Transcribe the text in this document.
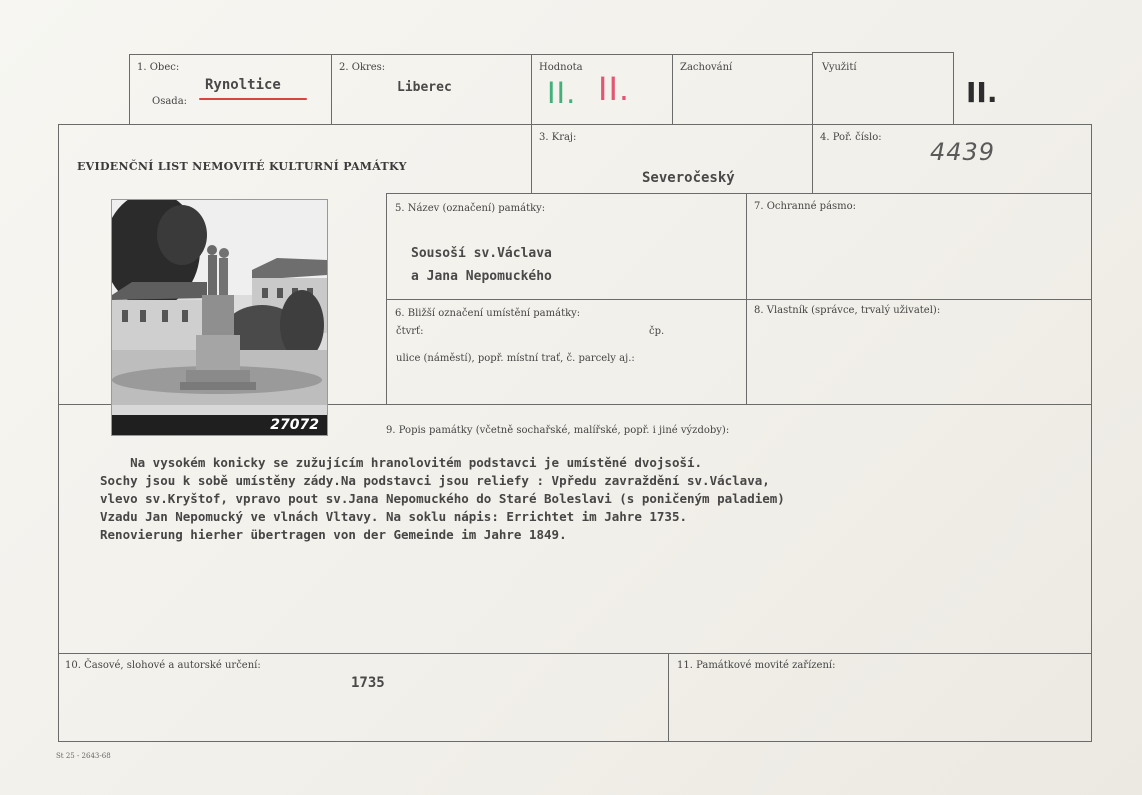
1. Obec:
Osada:
Rynoltice
2. Okres:
Liberec
Hodnota
II. II.
Zachování	Využití
II.
EVIDENČNÍ LIST NEMOVITÉ KULTURNÍ PAMÁTKY
3. Kraj:
Severočeský
4. Poř. číslo:
4439
27072
5. Název (označení) památky:
Sousoší sv.Václava
a Jana Nepomuckého
7. Ochranné pásmo:
6. Bližší označení umístění památky:
čtvrť:	čp.
ulice (náměstí), popř. místní trať, č. parcely aj.:
8. Vlastník (správce, trvalý uživatel):
9. Popis památky (včetně sochařské, malířské, popř. i jiné výzdoby):
Na vysokém konicky se zužujícím hranolovitém podstavci je umístěné dvojsoší.
Sochy jsou k sobě umístěny zády.Na podstavci jsou reliefy : Vpředu zavraždění sv.Václava,
vlevo sv.Kryštof, vpravo pout sv.Jana Nepomuckého do Staré Boleslavi (s poničeným paladiem)
Vzadu Jan Nepomucký ve vlnách Vltavy. Na soklu nápis: Errichtet im Jahre 1735.
Renovierung hierher übertragen von der Gemeinde im Jahre 1849.
10. Časové, slohové a autorské určení:
1735
11. Památkové movité zařízení:
St 25 - 2643-68
